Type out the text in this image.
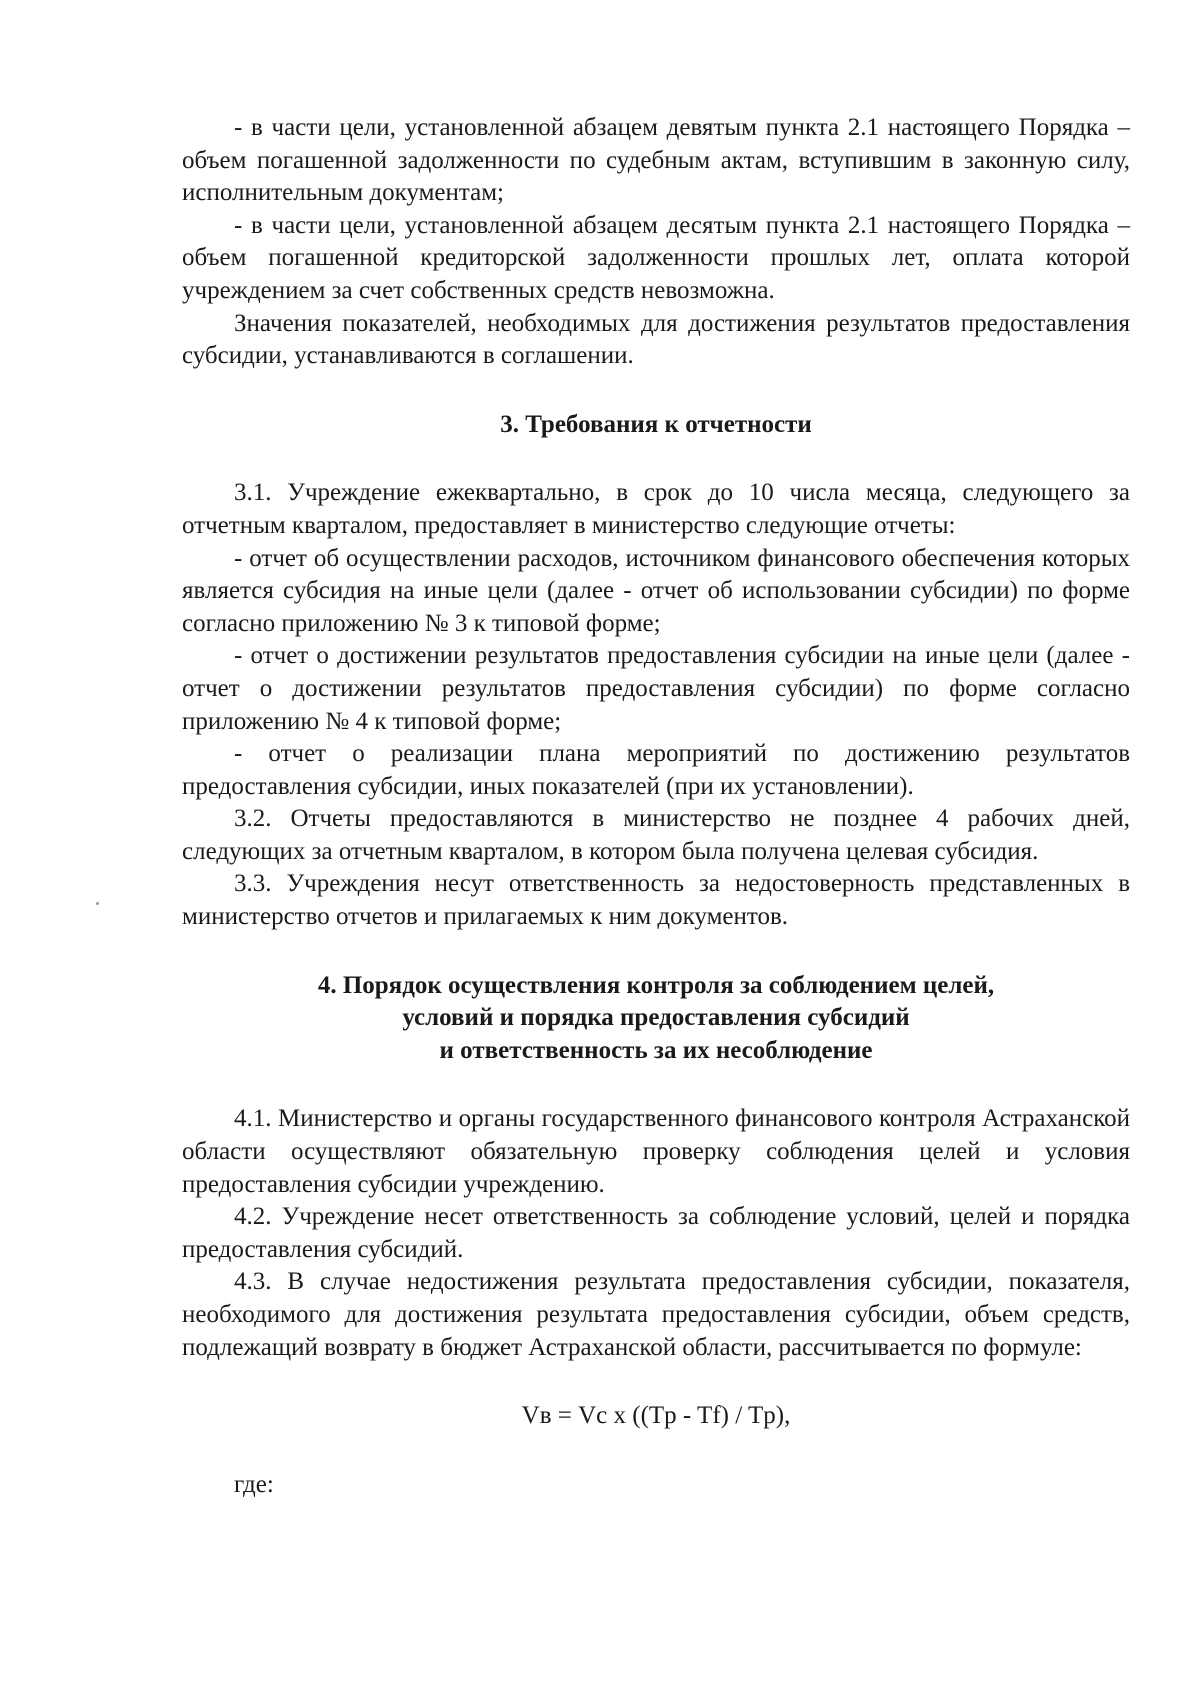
- в части цели, установленной абзацем девятым пункта 2.1 настоящего Порядка – объем погашенной задолженности по судебным актам, вступившим в законную силу, исполнительным документам;

- в части цели, установленной абзацем десятым пункта 2.1 настоящего Порядка – объем погашенной кредиторской задолженности прошлых лет, оплата которой учреждением за счет собственных средств невозможна.

Значения показателей, необходимых для достижения результатов предоставления субсидии, устанавливаются в соглашении.

3. Требования к отчетности

3.1. Учреждение ежеквартально, в срок до 10 числа месяца, следующего за отчетным кварталом, предоставляет в министерство следующие отчеты:

- отчет об осуществлении расходов, источником финансового обеспечения которых является субсидия на иные цели (далее - отчет об использовании субсидии) по форме согласно приложению № 3 к типовой форме;

- отчет о достижении результатов предоставления субсидии на иные цели (далее - отчет о достижении результатов предоставления субсидии) по форме согласно приложению № 4 к типовой форме;

- отчет о реализации плана мероприятий по достижению результатов предоставления субсидии, иных показателей (при их установлении).

3.2. Отчеты предоставляются в министерство не позднее 4 рабочих дней, следующих за отчетным кварталом, в котором была получена целевая субсидия.

3.3. Учреждения несут ответственность за недостоверность представленных в министерство отчетов и прилагаемых к ним документов.

4. Порядок осуществления контроля за соблюдением целей,
условий и порядка предоставления субсидий
и ответственность за их несоблюдение

4.1. Министерство и органы государственного финансового контроля Астраханской области осуществляют обязательную проверку соблюдения целей и условия предоставления субсидии учреждению.

4.2. Учреждение несет ответственность за соблюдение условий, целей и порядка предоставления субсидий.

4.3. В случае недостижения результата предоставления субсидии, показателя, необходимого для достижения результата предоставления субсидии, объем средств, подлежащий возврату в бюджет Астраханской области, рассчитывается по формуле:

Vв = Vc x ((Tp - Tf) / Tp),

где:
